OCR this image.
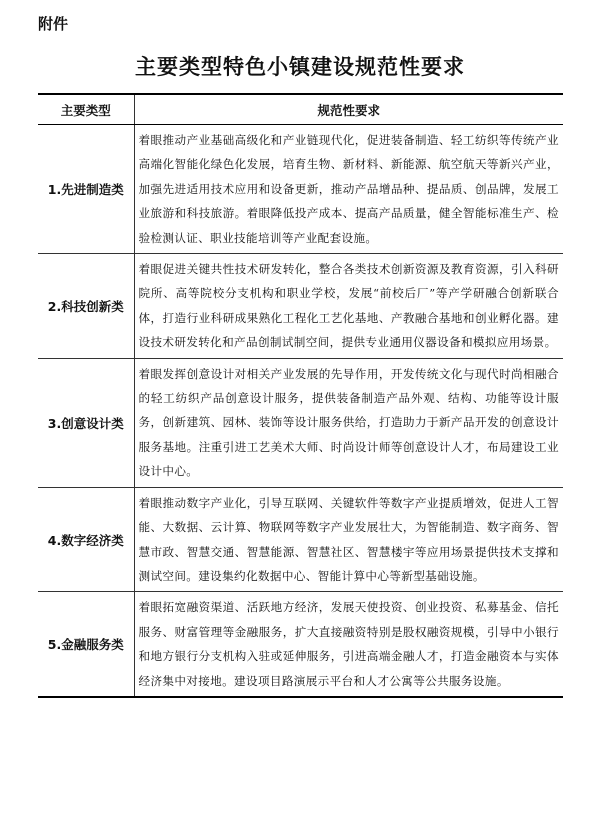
附件
主要类型特色小镇建设规范性要求
主要类型	规范性要求
1.先进制造类	着眼推动产业基础高级化和产业链现代化，促进装备制造、轻工纺织等传统产业高端化智能化绿色化发展，培育生物、新材料、新能源、航空航天等新兴产业，加强先进适用技术应用和设备更新，推动产品增品种、提品质、创品牌，发展工业旅游和科技旅游。着眼降低投产成本、提高产品质量，健全智能标准生产、检验检测认证、职业技能培训等产业配套设施。
2.科技创新类	着眼促进关键共性技术研发转化，整合各类技术创新资源及教育资源，引入科研院所、高等院校分支机构和职业学校，发展“前校后厂”等产学研融合创新联合体，打造行业科研成果熟化工程化工艺化基地、产教融合基地和创业孵化器。建设技术研发转化和产品创制试制空间，提供专业通用仪器设备和模拟应用场景。
3.创意设计类	着眼发挥创意设计对相关产业发展的先导作用，开发传统文化与现代时尚相融合的轻工纺织产品创意设计服务，提供装备制造产品外观、结构、功能等设计服务，创新建筑、园林、装饰等设计服务供给，打造助力于新产品开发的创意设计服务基地。注重引进工艺美术大师、时尚设计师等创意设计人才，布局建设工业设计中心。
4.数字经济类	着眼推动数字产业化，引导互联网、关键软件等数字产业提质增效，促进人工智能、大数据、云计算、物联网等数字产业发展壮大，为智能制造、数字商务、智慧市政、智慧交通、智慧能源、智慧社区、智慧楼宇等应用场景提供技术支撑和测试空间。建设集约化数据中心、智能计算中心等新型基础设施。
5.金融服务类	着眼拓宽融资渠道、活跃地方经济，发展天使投资、创业投资、私募基金、信托服务、财富管理等金融服务，扩大直接融资特别是股权融资规模，引导中小银行和地方银行分支机构入驻或延伸服务，引进高端金融人才，打造金融资本与实体经济集中对接地。建设项目路演展示平台和人才公寓等公共服务设施。
